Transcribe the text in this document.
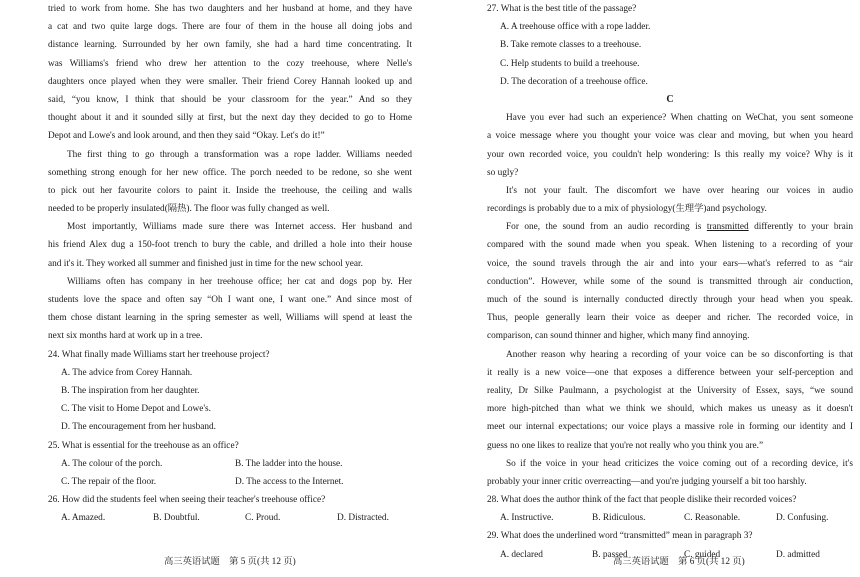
tried to work from home. She has two daughters and her husband at home, and they have
a cat and two quite large dogs. There are four of them in the house all doing jobs and
distance learning. Surrounded by her own family, she had a hard time concentrating. It
was Williams's friend who drew her attention to the cozy treehouse, where Nelle's
daughters once played when they were smaller. Their friend Corey Hannah looked up and
said, “you know, I think that should be your classroom for the year.” And so they
thought about it and it sounded silly at first, but the next day they decided to go to Home
Depot and Lowe's and look around, and then they said “Okay. Let's do it!”
The first thing to go through a transformation was a rope ladder. Williams needed
something strong enough for her new office. The porch needed to be redone, so she went
to pick out her favourite colors to paint it. Inside the treehouse, the ceiling and walls
needed to be properly insulated(隔热). The floor was fully changed as well.
Most importantly, Williams made sure there was Internet access. Her husband and
his friend Alex dug a 150-foot trench to bury the cable, and drilled a hole into their house
and it's it. They worked all summer and finished just in time for the new school year.
Williams often has company in her treehouse office; her cat and dogs pop by. Her
students love the space and often say “Oh I want one, I want one.” And since most of
them chose distant learning in the spring semester as well, Williams will spend at least the
next six months hard at work up in a tree.
24. What finally made Williams start her treehouse project?
A. The advice from Corey Hannah.
B. The inspiration from her daughter.
C. The visit to Home Depot and Lowe's.
D. The encouragement from her husband.
25. What is essential for the treehouse as an office?
A. The colour of the porch.	B. The ladder into the house.
C. The repair of the floor.	D. The access to the Internet.
26. How did the students feel when seeing their teacher's treehouse office?
A. Amazed.	B. Doubtful.	C. Proud.	D. Distracted.
27. What is the best title of the passage?
A. A treehouse office with a rope ladder.
B. Take remote classes to a treehouse.
C. Help students to build a treehouse.
D. The decoration of a treehouse office.
C
Have you ever had such an experience? When chatting on WeChat, you sent someone
a voice message where you thought your voice was clear and moving, but when you heard
your own recorded voice, you couldn't help wondering: Is this really my voice? Why is it
so ugly?
It's not your fault. The discomfort we have over hearing our voices in audio
recordings is probably due to a mix of physiology(生理学)and psychology.
For one, the sound from an audio recording is transmitted differently to your brain
compared with the sound made when you speak. When listening to a recording of your
voice, the sound travels through the air and into your ears—what's referred to as “air
conduction”. However, while some of the sound is transmitted through air conduction,
much of the sound is internally conducted directly through your head when you speak.
Thus, people generally learn their voice as deeper and richer. The recorded voice, in
comparison, can sound thinner and higher, which many find annoying.
Another reason why hearing a recording of your voice can be so disconforting is that
it really is a new voice—one that exposes a difference between your self-perception and
reality, Dr Silke Paulmann, a psychologist at the University of Essex, says, “we sound
more high-pitched than what we think we should, which makes us uneasy as it doesn't
meet our internal expectations; our voice plays a massive role in forming our identity and I
guess no one likes to realize that you're not really who you think you are.”
So if the voice in your head criticizes the voice coming out of a recording device, it's
probably your inner critic overreacting—and you're judging yourself a bit too harshly.
28. What does the author think of the fact that people dislike their recorded voices?
A. Instructive.	B. Ridiculous.	C. Reasonable.	D. Confusing.
29. What does the underlined word “transmitted” mean in paragraph 3?
A. declared	B. passed	C. guided	D. admitted
高三英语试题　第 5 页(共 12 页)	高三英语试题　第 6 页(共 12 页)
